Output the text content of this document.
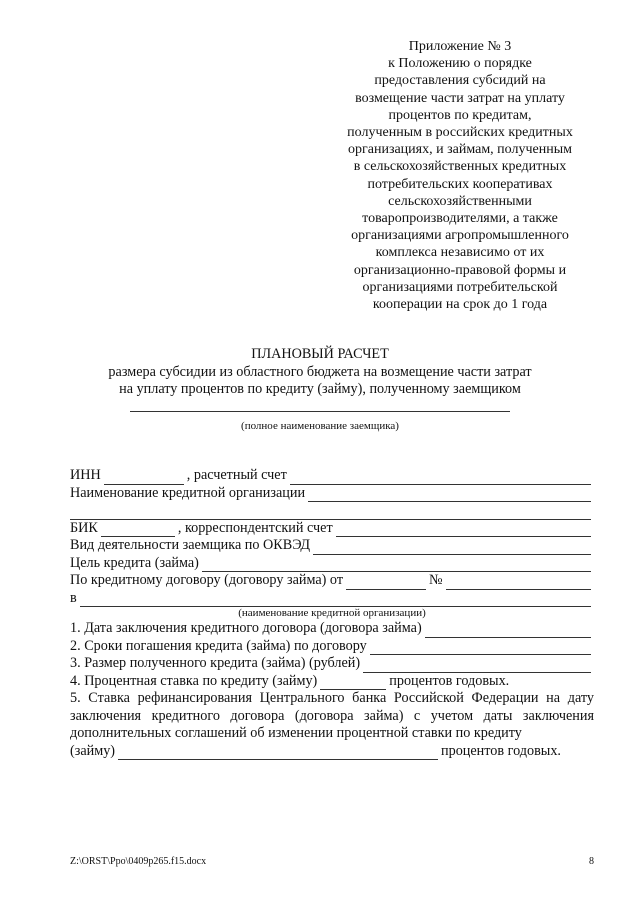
Приложение № 3
к Положению о порядке
предоставления субсидий на
возмещение части затрат на уплату
процентов по кредитам,
полученным в российских кредитных
организациях, и займам, полученным
в сельскохозяйственных кредитных
потребительских кооперативах
сельскохозяйственными
товаропроизводителями, а также
организациями агропромышленного
комплекса независимо от их
организационно-правовой формы и
организациями потребительской
кооперации на срок до 1 года
ПЛАНОВЫЙ РАСЧЕТ
размера субсидии из областного бюджета на возмещение части затрат
на уплату процентов по кредиту (займу), полученному заемщиком
(полное наименование заемщика)
ИНН	, расчетный счет
Наименование кредитной организации
БИК	, корреспондентский счет
Вид деятельности заемщика по ОКВЭД
Цель кредита (займа)
По кредитному договору (договору займа) от	№
в
(наименование кредитной организации)
1. Дата заключения кредитного договора (договора займа)
2. Сроки погашения кредита (займа) по договору
3. Размер полученного кредита (займа) (рублей)
4. Процентная ставка по кредиту (займу)	процентов годовых.
5. Ставка рефинансирования Центрального банка Российской Федерации на дату заключения кредитного договора (договора займа) с учетом даты заключения дополнительных соглашений об изменении процентной ставки по кредиту
(займу)	процентов годовых.
Z:\ORST\Ppo\0409p265.f15.docx	8
